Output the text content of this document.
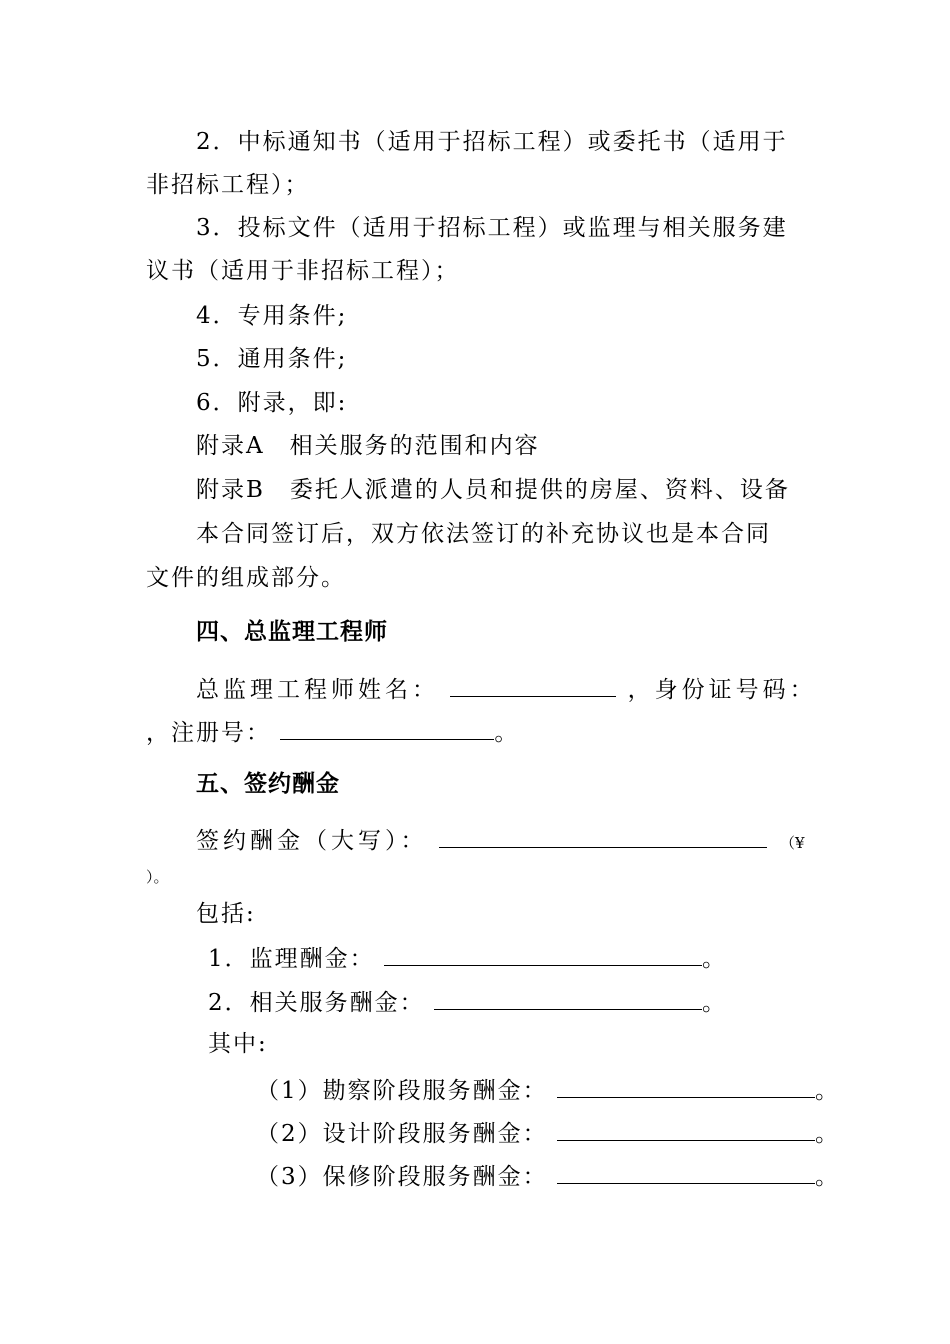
2．中标通知书（适用于招标工程）或委托书（适用于
非招标工程）；
3．投标文件（适用于招标工程）或监理与相关服务建
议书（适用于非招标工程）；
4．专用条件;
5．通用条件;
6．附录，即:
附录A　相关服务的范围和内容
附录B　委托人派遣的人员和提供的房屋、资料、设备
本合同签订后，双方依法签订的补充协议也是本合同
文件的组成部分。
四、总监理工程师
总监理工程师姓名：	，身份证号码：
，注册号：	。
五、签约酬金
签约酬金（大写）：	（¥
）。
包括:
1．监理酬金：	。
2．相关服务酬金：	。
其中:
（1）勘察阶段服务酬金：	。
（2）设计阶段服务酬金：	。
（3）保修阶段服务酬金：	。
